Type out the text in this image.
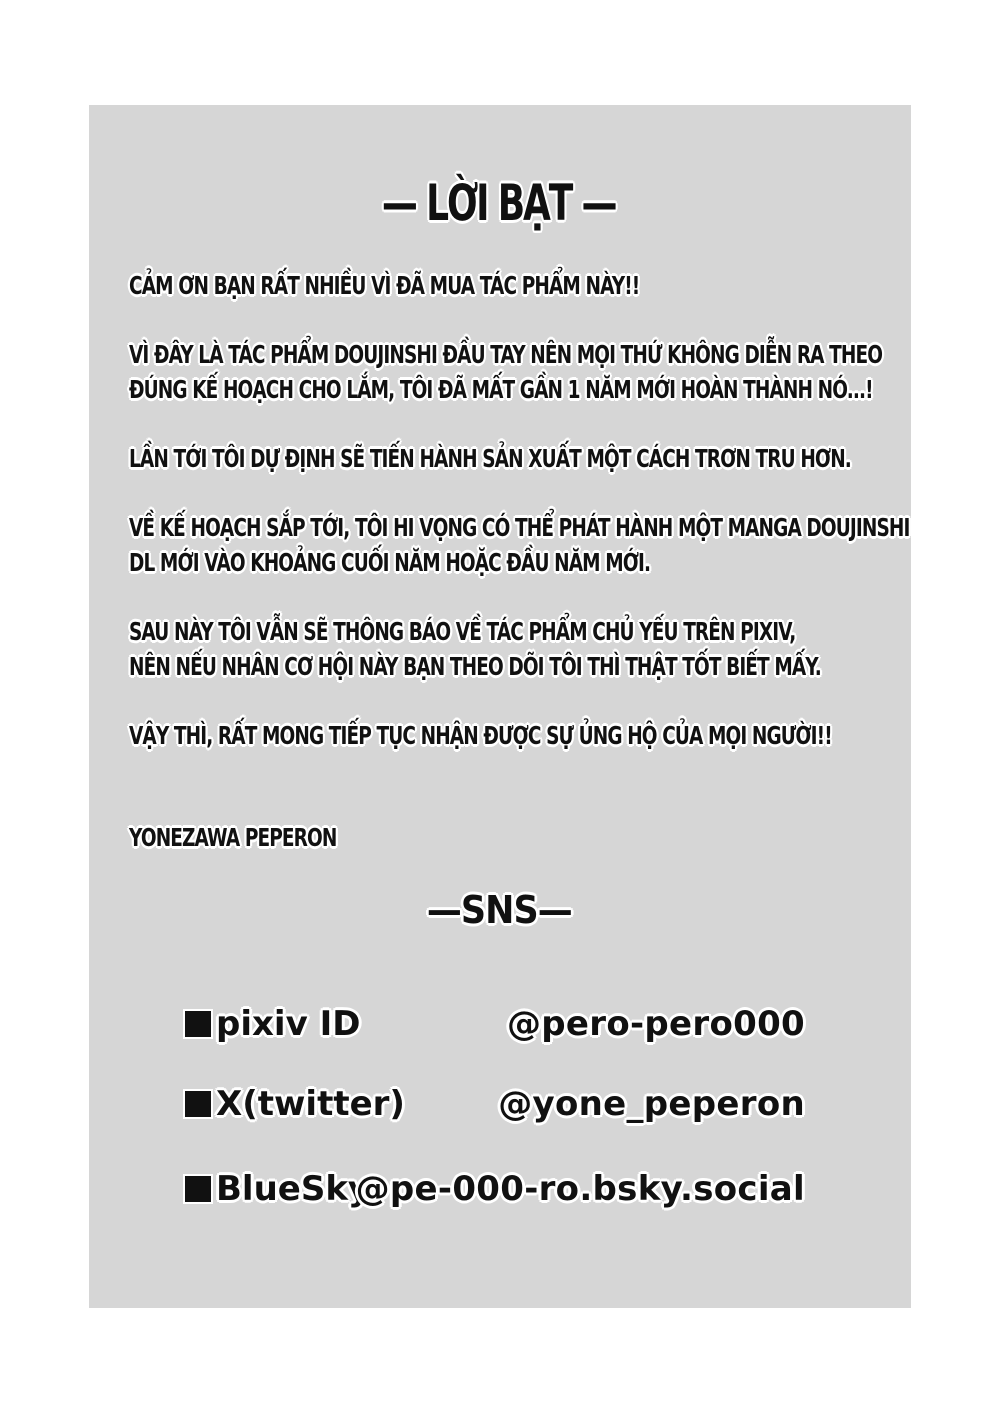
— LỜI BẠT —
CẢM ƠN BẠN RẤT NHIỀU VÌ ĐÃ MUA TÁC PHẨM NÀY!!
VÌ ĐÂY LÀ TÁC PHẨM DOUJINSHI ĐẦU TAY NÊN MỌI THỨ KHÔNG DIỄN RA THEO
ĐÚNG KẾ HOẠCH CHO LẮM, TÔI ĐÃ MẤT GẦN 1 NĂM MỚI HOÀN THÀNH NÓ...!
LẦN TỚI TÔI DỰ ĐỊNH SẼ TIẾN HÀNH SẢN XUẤT MỘT CÁCH TRƠN TRU HƠN.
VỀ KẾ HOẠCH SẮP TỚI, TÔI HI VỌNG CÓ THỂ PHÁT HÀNH MỘT MANGA DOUJINSHI
DL MỚI VÀO KHOẢNG CUỐI NĂM HOẶC ĐẦU NĂM MỚI.
SAU NÀY TÔI VẪN SẼ THÔNG BÁO VỀ TÁC PHẨM CHỦ YẾU TRÊN PIXIV,
NÊN NẾU NHÂN CƠ HỘI NÀY BẠN THEO DÕI TÔI THÌ THẬT TỐT BIẾT MẤY.
VẬY THÌ, RẤT MONG TIẾP TỤC NHẬN ĐƯỢC SỰ ỦNG HỘ CỦA MỌI NGƯỜI!!
YONEZAWA PEPERON
—SNS—
pixiv ID	@pero-pero000
X(twitter)	@yone_peperon
BlueSky
@pe-000-ro.bsky.social
